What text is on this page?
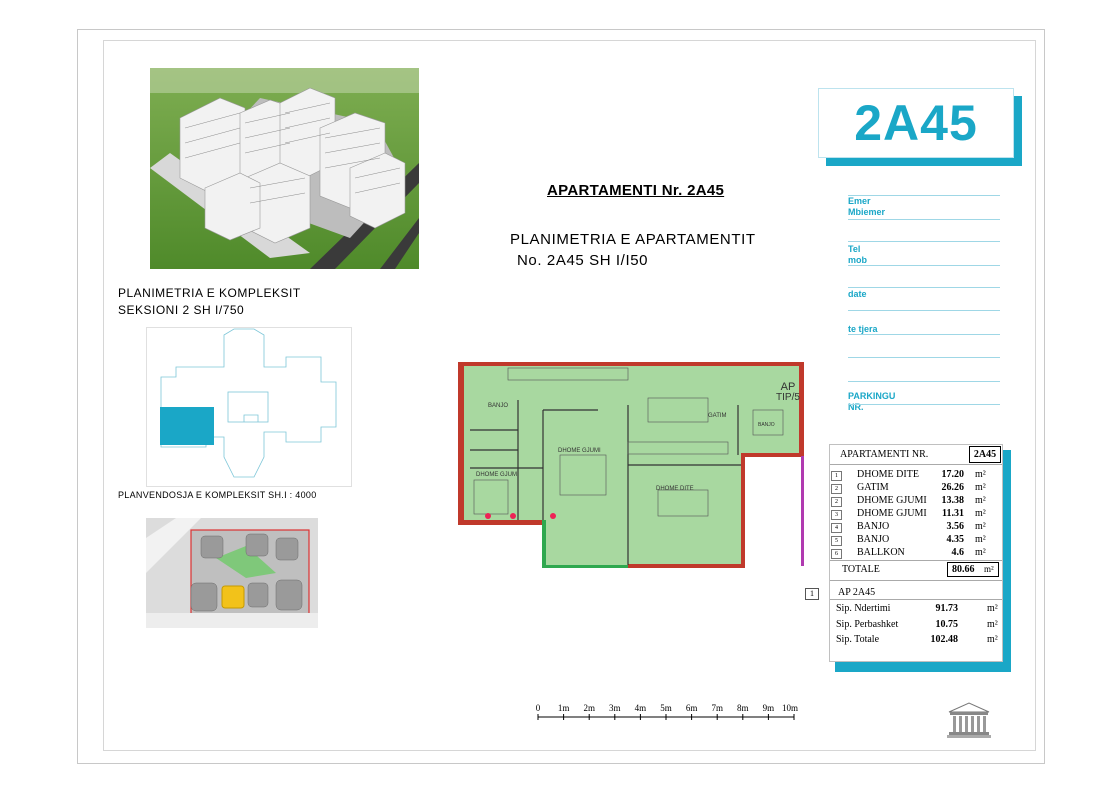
APARTAMENTI Nr. 2A45
PLANIMETRIA E APARTAMENTIT
No. 2A45 SH I/I50
PLANIMETRIA E KOMPLEKSIT
SEKSIONI 2 SH I/750
PLANVENDOSJA E KOMPLEKSIT SH.I : 4000
AP
TIP/5
BANJO
GATIM
BANJO
DHOME GJUMI
DHOME GJUMI
DHOME DITE
2A45
Emer
Mbiemer
Tel
mob
date
te tjera
PARKINGU
NR.
APARTAMENTI NR.	2A45
1	DHOME DITE	17.20 m²
2	GATIM	26.26 m²
2	DHOME GJUMI	13.38 m²
3	DHOME GJUMI	11.31 m²
4	BANJO	3.56 m²
5	BANJO	4.35 m²
6	BALLKON	4.6 m²
TOTALE	80.66 m²
1	AP 2A45
Sip. Ndertimi	91.73	m²
Sip. Perbashket	10.75	m²
Sip. Totale	102.48	m²
0 1m 2m 3m 4m 5m 6m 7m 8m 9m 10m
